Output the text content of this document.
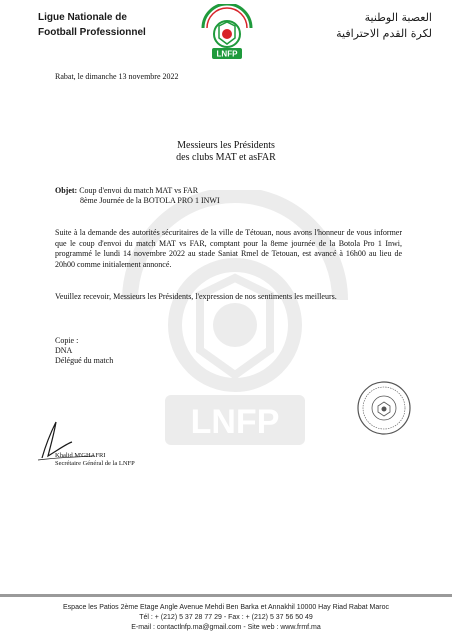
Ligue Nationale de
Football Professionnel
LNFP
العصبة الوطنية
لكرة القدم الاحترافية
LNFP
Rabat, le dimanche 13 novembre 2022
Messieurs les Présidents
des clubs MAT et asFAR
Objet: Coup d'envoi du match MAT vs FAR
8ème Journée de la BOTOLA PRO 1 INWI
Suite à la demande des autorités sécuritaires de la ville de Tétouan, nous avons l'honneur de vous informer que le coup d'envoi du match MAT vs FAR, comptant pour la 8eme journée de la Botola Pro 1 Inwi, programmé le lundi 14 novembre 2022 au stade Saniat Rmel de Tetouan, est avancé à 16h00 au lieu de 20h00 comme initialement annoncé.
Veuillez recevoir, Messieurs les Présidents, l'expression de nos sentiments les meilleurs.
Copie :
DNA
Délégué du match
Khalid M'GHAFRI
Secrétaire Général de la LNFP
Espace les Patios 2ème Etage Angle Avenue Mehdi Ben Barka et Annakhil 10000 Hay Riad Rabat Maroc
Tél : + (212) 5 37 28 77 29 - Fax : + (212) 5 37 56 50 49
E-mail : contactlnfp.ma@gmail.com - Site web : www.frmf.ma
